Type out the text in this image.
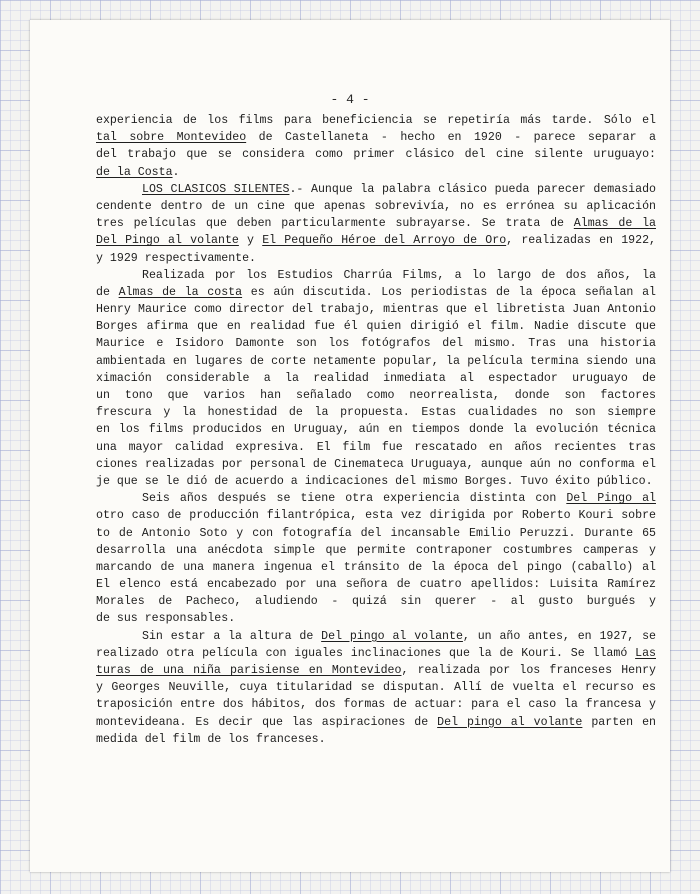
- 4 -
experiencia de los films para beneficiencia se repetiría más tarde. Sólo el
tal sobre Montevideo de Castellaneta - hecho en 1920 - parece separar a
del trabajo que se considera como primer clásico del cine silente uruguayo:
de la Costa.
LOS CLASICOS SILENTES.- Aunque la palabra clásico pueda parecer demasiado
cendente dentro de un cine que apenas sobrevivía, no es errónea su aplicación
tres películas que deben particularmente subrayarse. Se trata de Almas de la
Del Pingo al volante y El Pequeño Héroe del Arroyo de Oro, realizadas en 1922,
y 1929 respectivamente.
Realizada por los Estudios Charrúa Films, a lo largo de dos años, la
de Almas de la costa es aún discutida. Los periodistas de la época señalan al
Henry Maurice como director del trabajo, mientras que el libretista Juan Antonio
Borges afirma que en realidad fue él quien dirigió el film. Nadie discute que
Maurice e Isidoro Damonte son los fotógrafos del mismo. Tras una historia
ambientada en lugares de corte netamente popular, la película termina siendo una
ximación considerable a la realidad inmediata al espectador uruguayo de
un tono que varios han señalado como neorrealista, donde son factores
frescura y la honestidad de la propuesta. Estas cualidades no son siempre
en los films producidos en Uruguay, aún en tiempos donde la evolución técnica
una mayor calidad expresiva. El film fue rescatado en años recientes tras
ciones realizadas por personal de Cinemateca Uruguaya, aunque aún no conforma el
je que se le dió de acuerdo a indicaciones del mismo Borges. Tuvo éxito público.
Seis años después se tiene otra experiencia distinta con Del Pingo al
otro caso de producción filantrópica, esta vez dirigida por Roberto Kouri sobre
to de Antonio Soto y con fotografía del incansable Emilio Peruzzi. Durante 65
desarrolla una anécdota simple que permite contraponer costumbres camperas y
marcando de una manera ingenua el tránsito de la época del pingo (caballo) al
El elenco está encabezado por una señora de cuatro apellidos: Luisita Ramírez
Morales de Pacheco, aludiendo - quizá sin querer - al gusto burgués y
de sus responsables.
Sin estar a la altura de Del pingo al volante, un año antes, en 1927, se
realizado otra película con iguales inclinaciones que la de Kouri. Se llamó Las
turas de una niña parisiense en Montevideo, realizada por los franceses Henry
y Georges Neuville, cuya titularidad se disputan. Allí de vuelta el recurso es
traposición entre dos hábitos, dos formas de actuar: para el caso la francesa y
montevideana. Es decir que las aspiraciones de Del pingo al volante parten en
medida del film de los franceses.
